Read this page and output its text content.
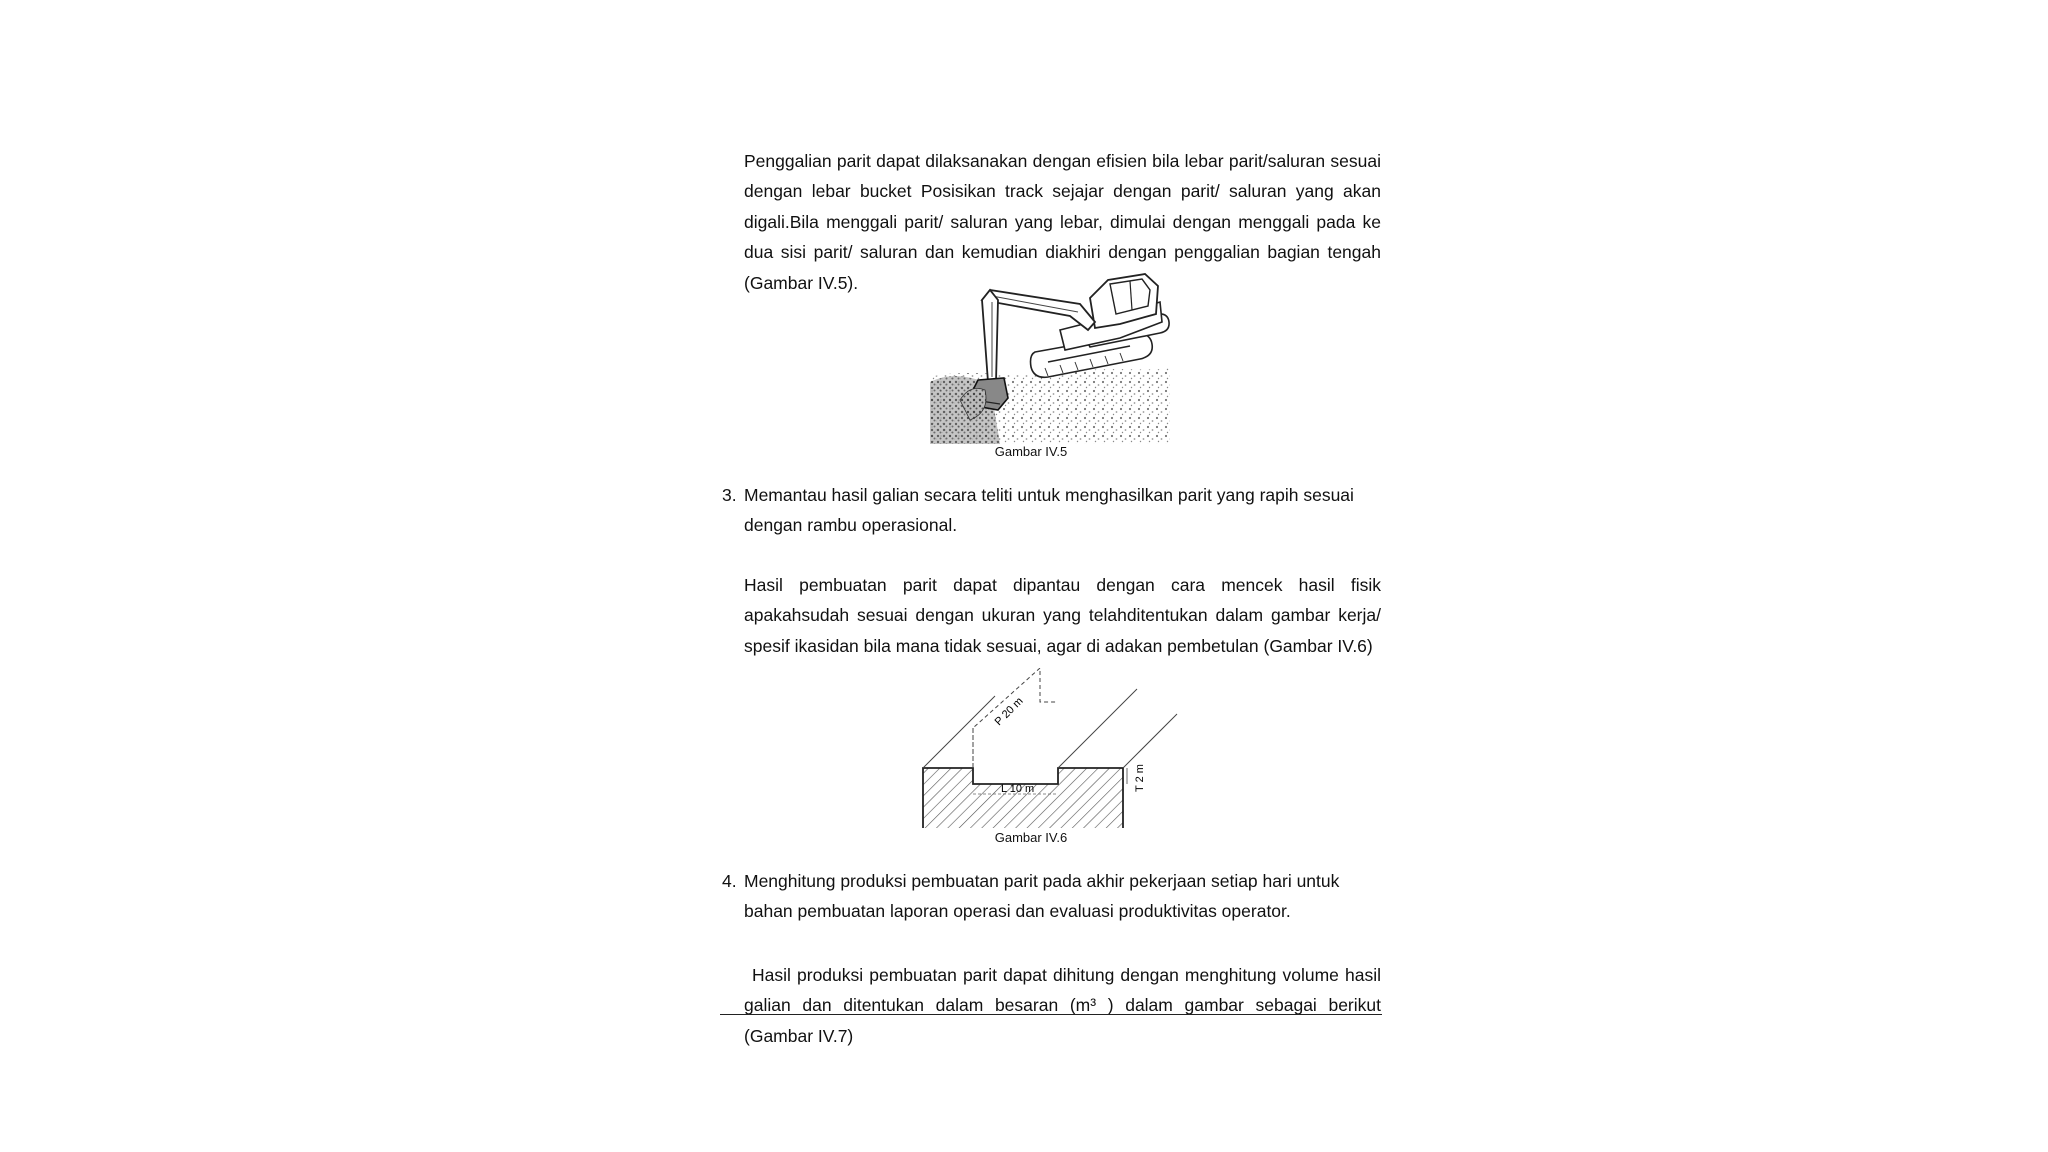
Penggalian parit dapat dilaksanakan dengan efisien bila lebar parit/saluran sesuai dengan lebar bucket Posisikan track sejajar dengan parit/ saluran yang akan digali.Bila menggali parit/ saluran yang lebar, dimulai dengan menggali pada ke dua sisi parit/ saluran dan kemudian diakhiri dengan penggalian bagian tengah (Gambar IV.5).

Gambar IV.5

3. Memantau hasil galian secara teliti untuk menghasilkan parit yang rapih sesuai dengan rambu operasional.

Hasil pembuatan parit dapat dipantau dengan cara mencek hasil fisik apakahsudah sesuai dengan ukuran yang telahditentukan dalam gambar kerja/ spesif ikasidan bila mana tidak sesuai, agar di adakan pembetulan (Gambar IV.6)

P 20 m
L 10 m	T 2 m

Gambar IV.6

4. Menghitung produksi pembuatan parit pada akhir pekerjaan setiap hari untuk bahan pembuatan laporan operasi dan evaluasi produktivitas operator.

Hasil produksi pembuatan parit dapat dihitung dengan menghitung volume hasil galian dan ditentukan dalam besaran (m³ ) dalam gambar sebagai berikut (Gambar IV.7)
